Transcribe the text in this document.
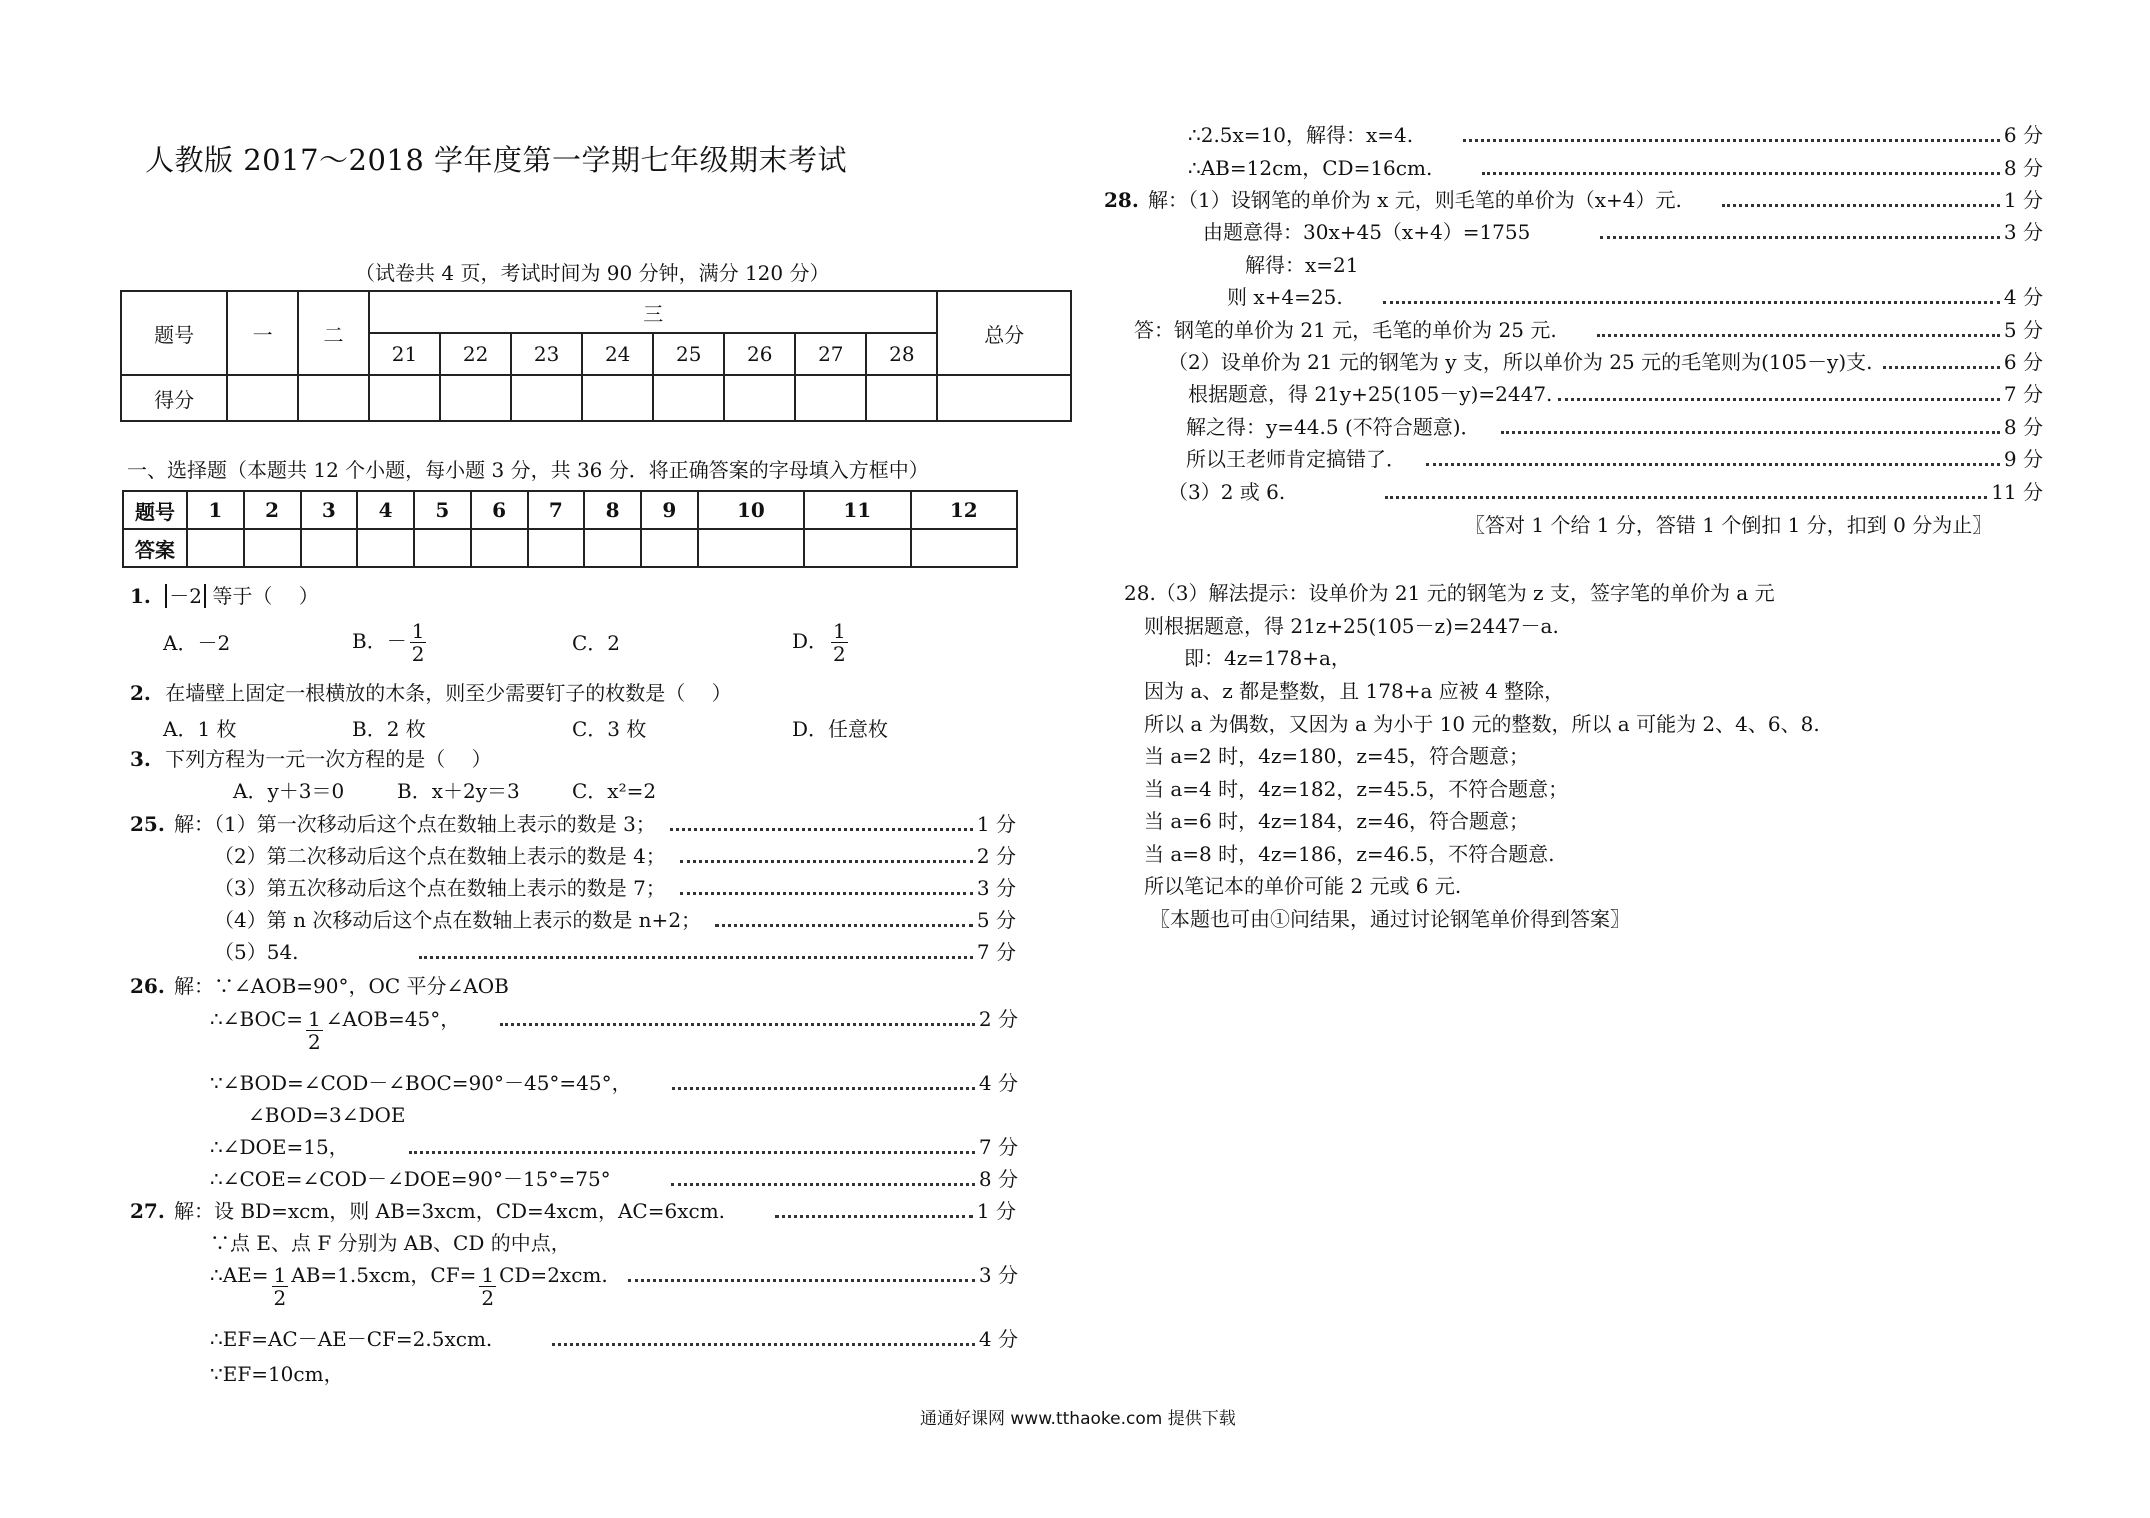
人教版 2017～2018 学年度第一学期七年级期末考试
（试卷共 4 页，考试时间为 90 分钟，满分 120 分）
题号	一	二	三								总分
			21	22	23	24	25	26	27	28	
得分											
一、选择题（本题共 12 个小题，每小题 3 分，共 36 分．将正确答案的字母填入方框中）
题号	1	2	3	4	5	6	7	8	9	10	11	12
答案												
1. －2 等于（　 ）
A．－2	B．－ $\frac{1}{2}$	C．2	D． $\frac{1}{2}$
2. 在墙壁上固定一根横放的木条，则至少需要钉子的枚数是（　 ）
A．1 枚	B．2 枚	C．3 枚	D．任意枚
3. 下列方程为一元一次方程的是（　 ）
A．y＋3＝0	B．x＋2y＝3	C．x²=2
25. 解：（1）第一次移动后这个点在数轴上表示的数是 3；	1 分
（2）第二次移动后这个点在数轴上表示的数是 4；	2 分
（3）第五次移动后这个点在数轴上表示的数是 7；	3 分
（4）第 n 次移动后这个点在数轴上表示的数是 n+2；	5 分
（5）54.	7 分
26. 解：∵∠AOB=90°，OC 平分∠AOB
∴∠BOC= $\frac{1}{2}$ ∠AOB=45°，	2 分
∵∠BOD=∠COD－∠BOC=90°－45°=45°，	4 分
∠BOD=3∠DOE
∴∠DOE=15，	7 分
∴∠COE=∠COD－∠DOE=90°－15°=75°	8 分
27. 解：设 BD=xcm，则 AB=3xcm，CD=4xcm，AC=6xcm.	1 分
∵点 E、点 F 分别为 AB、CD 的中点，
∴AE= $\frac{1}{2} AB=1.5xcm$，$CF= \frac{1}{2} CD=2xcm$.	3 分
∴EF=AC－AE－CF=2.5xcm.	4 分
∵EF=10cm，
∴2.5x=10，解得：x=4.	6 分
∴AB=12cm，CD=16cm.	8 分
28. 解：（1）设钢笔的单价为 x 元，则毛笔的单价为（x+4）元.	1 分
由题意得：30x+45（x+4）=1755	3 分
解得：x=21
则 x+4=25.	4 分
答：钢笔的单价为 21 元，毛笔的单价为 25 元.	5 分
（2）设单价为 21 元的钢笔为 y 支，所以单价为 25 元的毛笔则为(105－y)支.	6 分
根据题意，得 21y+25(105－y)=2447.	7 分
解之得：y=44.5 (不符合题意)．	8 分
所以王老师肯定搞错了．	9 分
（3）2 或 6.	11 分
〖答对 1 个给 1 分，答错 1 个倒扣 1 分，扣到 0 分为止〗
28.（3）解法提示：设单价为 21 元的钢笔为 z 支，签字笔的单价为 a 元
则根据题意，得 21z+25(105－z)=2447－a.
即：4z=178+a，
因为 a、z 都是整数，且 178+a 应被 4 整除，
所以 a 为偶数，又因为 a 为小于 10 元的整数，所以 a 可能为 2、4、6、8.
当 a=2 时，4z=180，z=45，符合题意；
当 a=4 时，4z=182，z=45.5，不符合题意；
当 a=6 时，4z=184，z=46，符合题意；
当 a=8 时，4z=186，z=46.5，不符合题意.
所以笔记本的单价可能 2 元或 6 元.
〖本题也可由①问结果，通过讨论钢笔单价得到答案〗
通通好课网 www.tthaoke.com 提供下载
